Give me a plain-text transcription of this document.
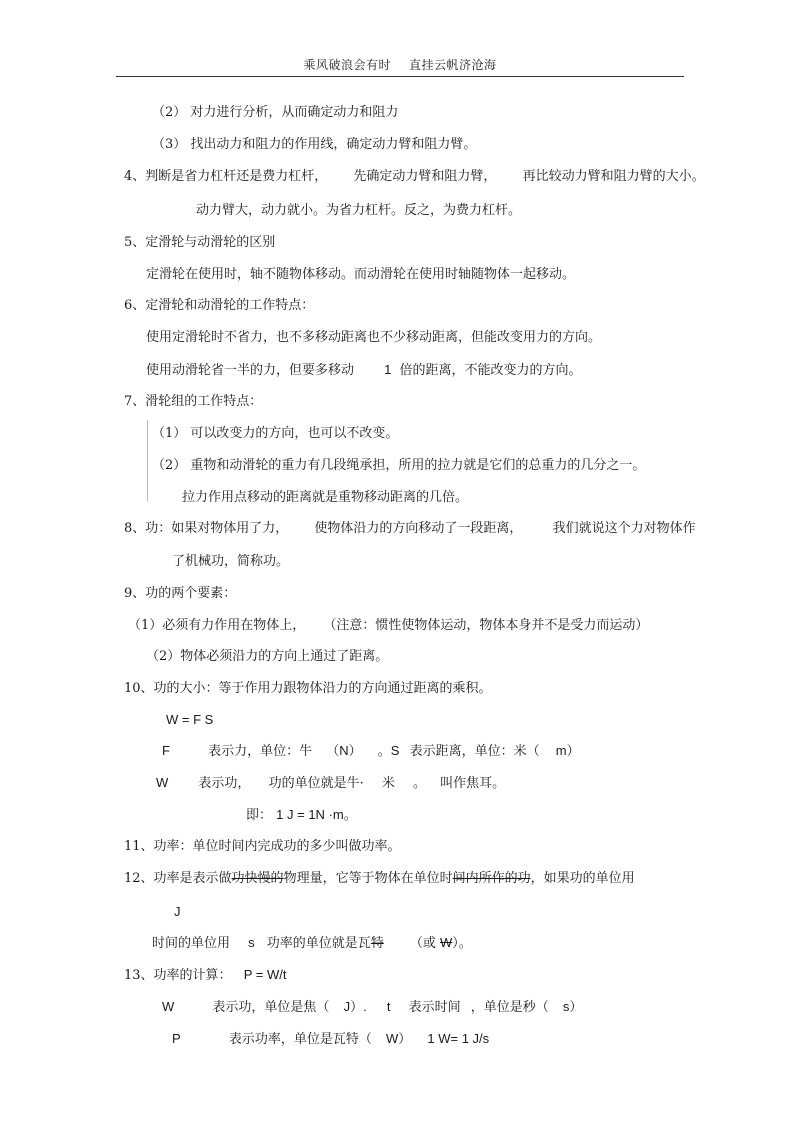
乘风破浪会有时 直挂云帆济沧海
（2） 对力进行分析，从而确定动力和阻力
（3） 找出动力和阻力的作用线，确定动力臂和阻力臂。
4、判断是省力杠杆还是费力杠杆， 先确定动力臂和阻力臂， 再比较动力臂和阻力臂的大小。
动力臂大，动力就小。为省力杠杆。反之，为费力杠杆。
5、定滑轮与动滑轮的区别
定滑轮在使用时，轴不随物体移动。而动滑轮在使用时轴随物体一起移动。
6、定滑轮和动滑轮的工作特点：
使用定滑轮时不省力，也不多移动距离也不少移动距离，但能改变用力的方向。
使用动滑轮省一半的力，但要多移动 1 倍的距离，不能改变力的方向。
7、滑轮组的工作特点：
（1） 可以改变力的方向，也可以不改变。
（2） 重物和动滑轮的重力有几段绳承担，所用的拉力就是它们的总重力的几分之一。
拉力作用点移动的距离就是重物移动距离的几倍。
8、功：如果对物体用了力， 使物体沿力的方向移动了一段距离， 我们就说这个力对物体作
了机械功，简称功。
9、功的两个要素：
（1）必须有力作用在物体上， （注意：惯性使物体运动，物体本身并不是受力而运动）
（2）物体必须沿力的方向上通过了距离。
10、功的大小：等于作用力跟物体沿力的方向通过距离的乘积。
W = F S
F	表示力，单位：牛 （N） 。S 表示距离，单位：米（ m）
W 表示功， 功的单位就是牛· 米 。 叫作焦耳。
即： 1 J = 1N ·m。
11、功率：单位时间内完成功的多少叫做功率。
12、功率是表示做功快慢的物理量，它等于物体在单位时间内所作的功，如果功的单位用
J
时间的单位用 s 功率的单位就是瓦特 （或 W）。
13、功率的计算： P = W/t
W	表示功，单位是焦（ J）. t 表示时间 ，单位是秒（ s）
P	表示功率，单位是瓦特（ W） 1 W= 1 J/s
